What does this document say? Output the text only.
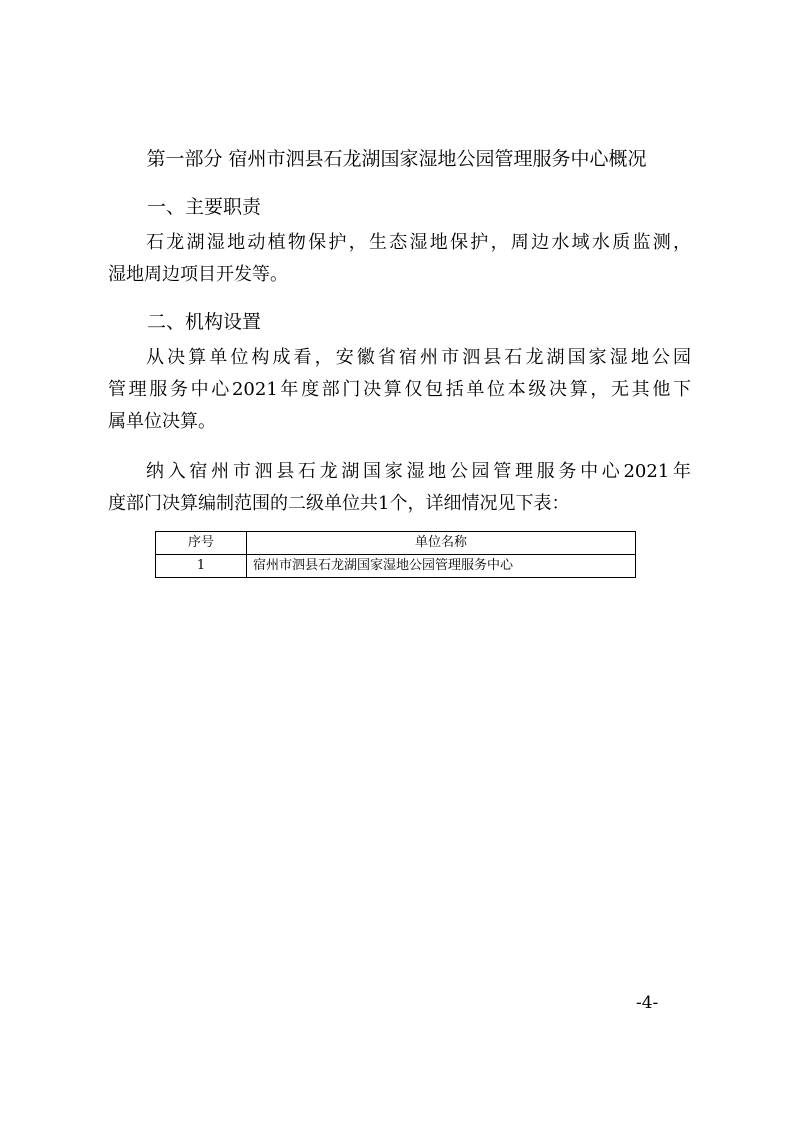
第一部分 宿州市泗县石龙湖国家湿地公园管理服务中心概况
一、主要职责
石龙湖湿地动植物保护，生态湿地保护，周边水域水质监测，
湿地周边项目开发等。
二、机构设置
从决算单位构成看，安徽省宿州市泗县石龙湖国家湿地公园
管理服务中心2021年度部门决算仅包括单位本级决算，无其他下
属单位决算。
纳入宿州市泗县石龙湖国家湿地公园管理服务中心2021年
度部门决算编制范围的二级单位共1个，详细情况见下表：
序号	单位名称
1	宿州市泗县石龙湖国家湿地公园管理服务中心
-4-
